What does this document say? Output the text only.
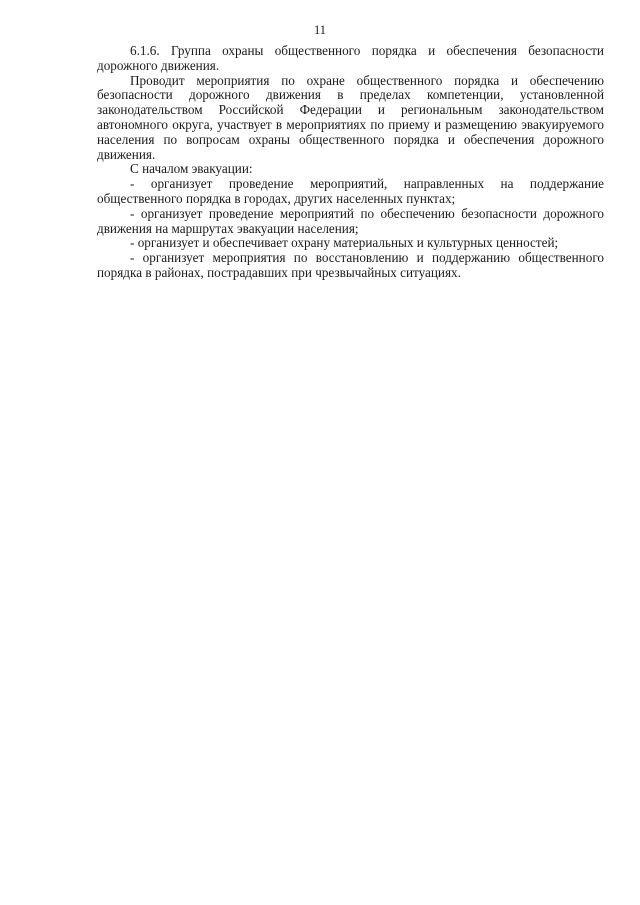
11

6.1.6. Группа охраны общественного порядка и обеспечения безопасности дорожного движения.

Проводит мероприятия по охране общественного порядка и обеспечению безопасности дорожного движения в пределах компетенции, установленной законодательством Российской Федерации и региональным законодательством автономного округа, участвует в мероприятиях по приему и размещению эвакуируемого населения по вопросам охраны общественного порядка и обеспечения дорожного движения.

С началом эвакуации:

- организует проведение мероприятий, направленных на поддержание общественного порядка в городах, других населенных пунктах;

- организует проведение мероприятий по обеспечению безопасности дорожного движения на маршрутах эвакуации населения;

- организует и обеспечивает охрану материальных и культурных ценностей;

- организует мероприятия по восстановлению и поддержанию общественного порядка в районах, пострадавших при чрезвычайных ситуациях.
